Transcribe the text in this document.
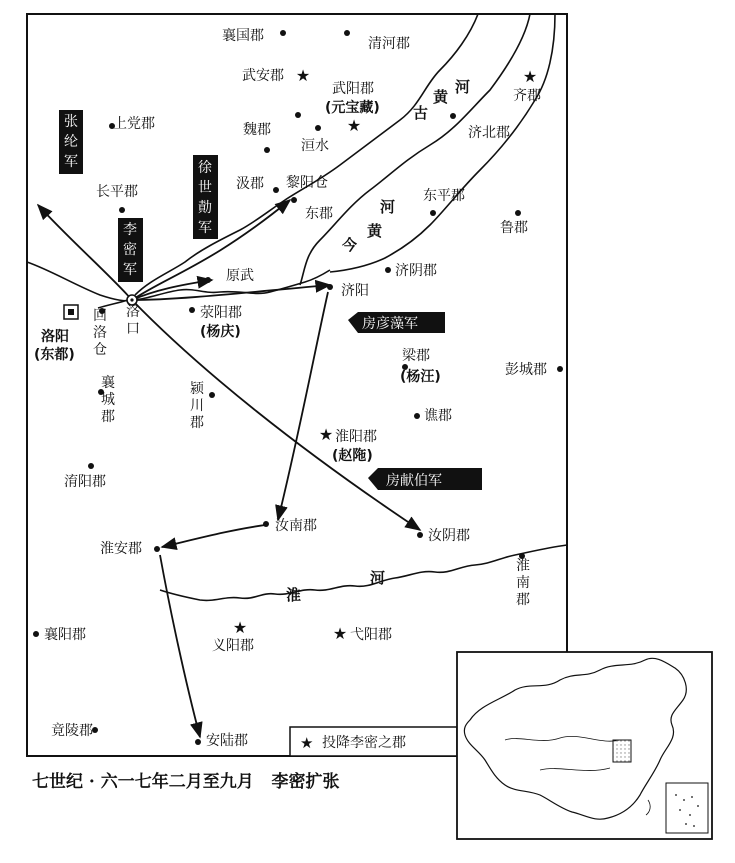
★
★
★
★
★	★
襄国郡	清河郡
武安郡
武阳郡
(元宝藏)
齐郡
上党郡	魏郡
洹水
济北郡
长平郡	汲郡 黎阳仓
东郡
东平郡
鲁郡
原武	济阴郡
济阳
洛阳
(东都)
回洛仓
洛口
荥阳郡
(杨庆)
梁郡
(杨汪)	彭城郡
襄城郡
颍川郡	谯郡
淮阳郡
(赵陁)
淯阳郡
汝南郡
汝阴郡
淮安郡
淮南郡
襄阳郡
义阳郡
弋阳郡
竟陵郡
安陆郡
古
黄
河
今
黄
河
淮
河
张
纶
军	徐
世
勣
军
李
密
军
房彦藻军
房献伯军
★ 投降李密之郡
七世纪 · 六一七年二月至九月   李密扩张
